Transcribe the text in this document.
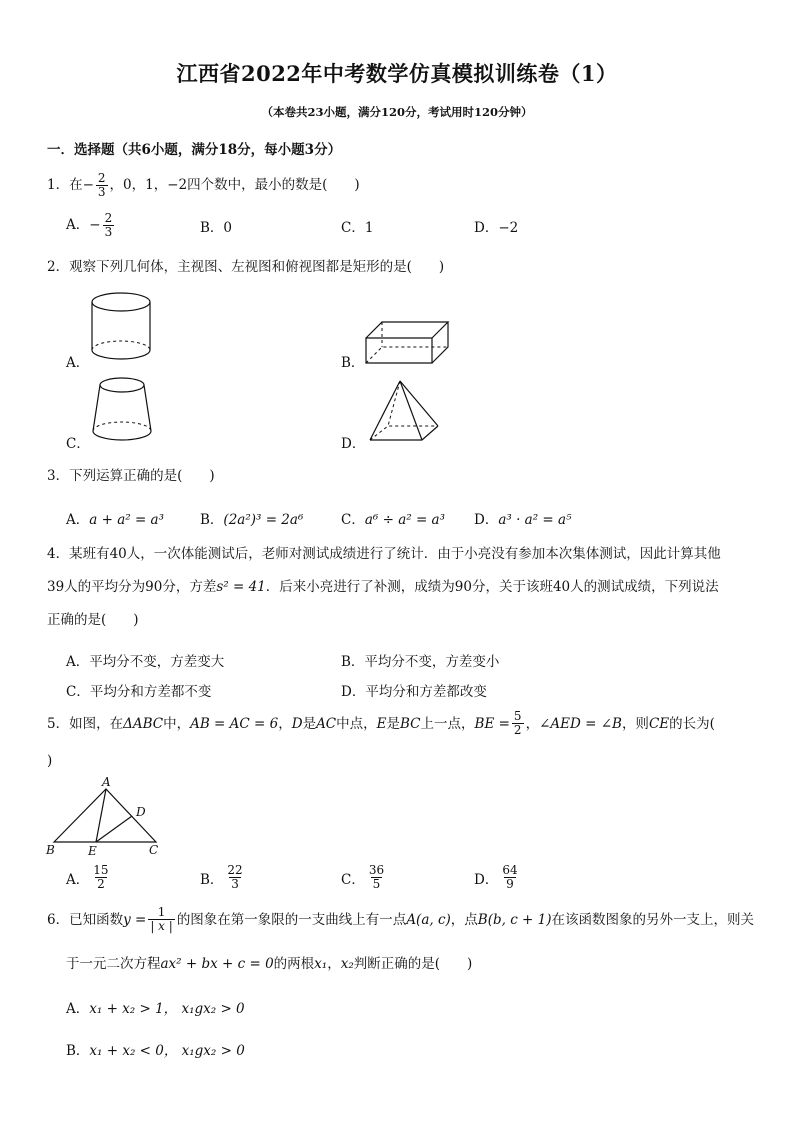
江西省2022年中考数学仿真模拟训练卷（1）
（本卷共23小题，满分120分，考试用时120分钟）
一．选择题（共6小题，满分18分，每小题3分）
1．在− $\frac{2}{3}$ ，0，1，−2四个数中，最小的数是(　　)
A．− $\frac{2}{3}$	B．0	C．1	D．−2
2．观察下列几何体，主视图、左视图和俯视图都是矩形的是(　　)
A．	B．
C．	D．
3．下列运算正确的是(　　)
A．a + a² = a³	B．(2a²)³ = 2a⁶	C．a⁶ ÷ a² = a³ D．a³ · a² = a⁵
4．某班有40人，一次体能测试后，老师对测试成绩进行了统计．由于小亮没有参加本次集体测试，因此计算其他
39人的平均分为90分，方差s² = 41．后来小亮进行了补测，成绩为90分，关于该班40人的测试成绩，下列说法
正确的是(　　)
A．平均分不变，方差变大	B．平均分不变，方差变小
C．平均分和方差都不变	D．平均分和方差都改变
5．如图，在 ΔABC 中， AB = AC = 6 ， D 是 AC 中点， E 是 BC 上一点， BE = $\frac{5}{2}$ ， ∠AED = ∠B ，则 CE 的长为(
)
A
B	C
D
E
A． $\frac{15}{2}$	B． $\frac{22}{3}$	C． $\frac{36}{5}$	D． $\frac{64}{9}$
6．已知函数 $y = \frac{1}{| x |}$ 的图象在第一象限的一支曲线上有一点 A(a, c) ，点 B(b, c + 1) 在该函数图象的另外一支上，则关
于一元二次方程 ax² + bx + c = 0 的两根 x₁ ， x₂ 判断正确的是(　　)
A．x₁ + x₂ > 1， x₁gx₂ > 0
B．x₁ + x₂ < 0， x₁gx₂ > 0
